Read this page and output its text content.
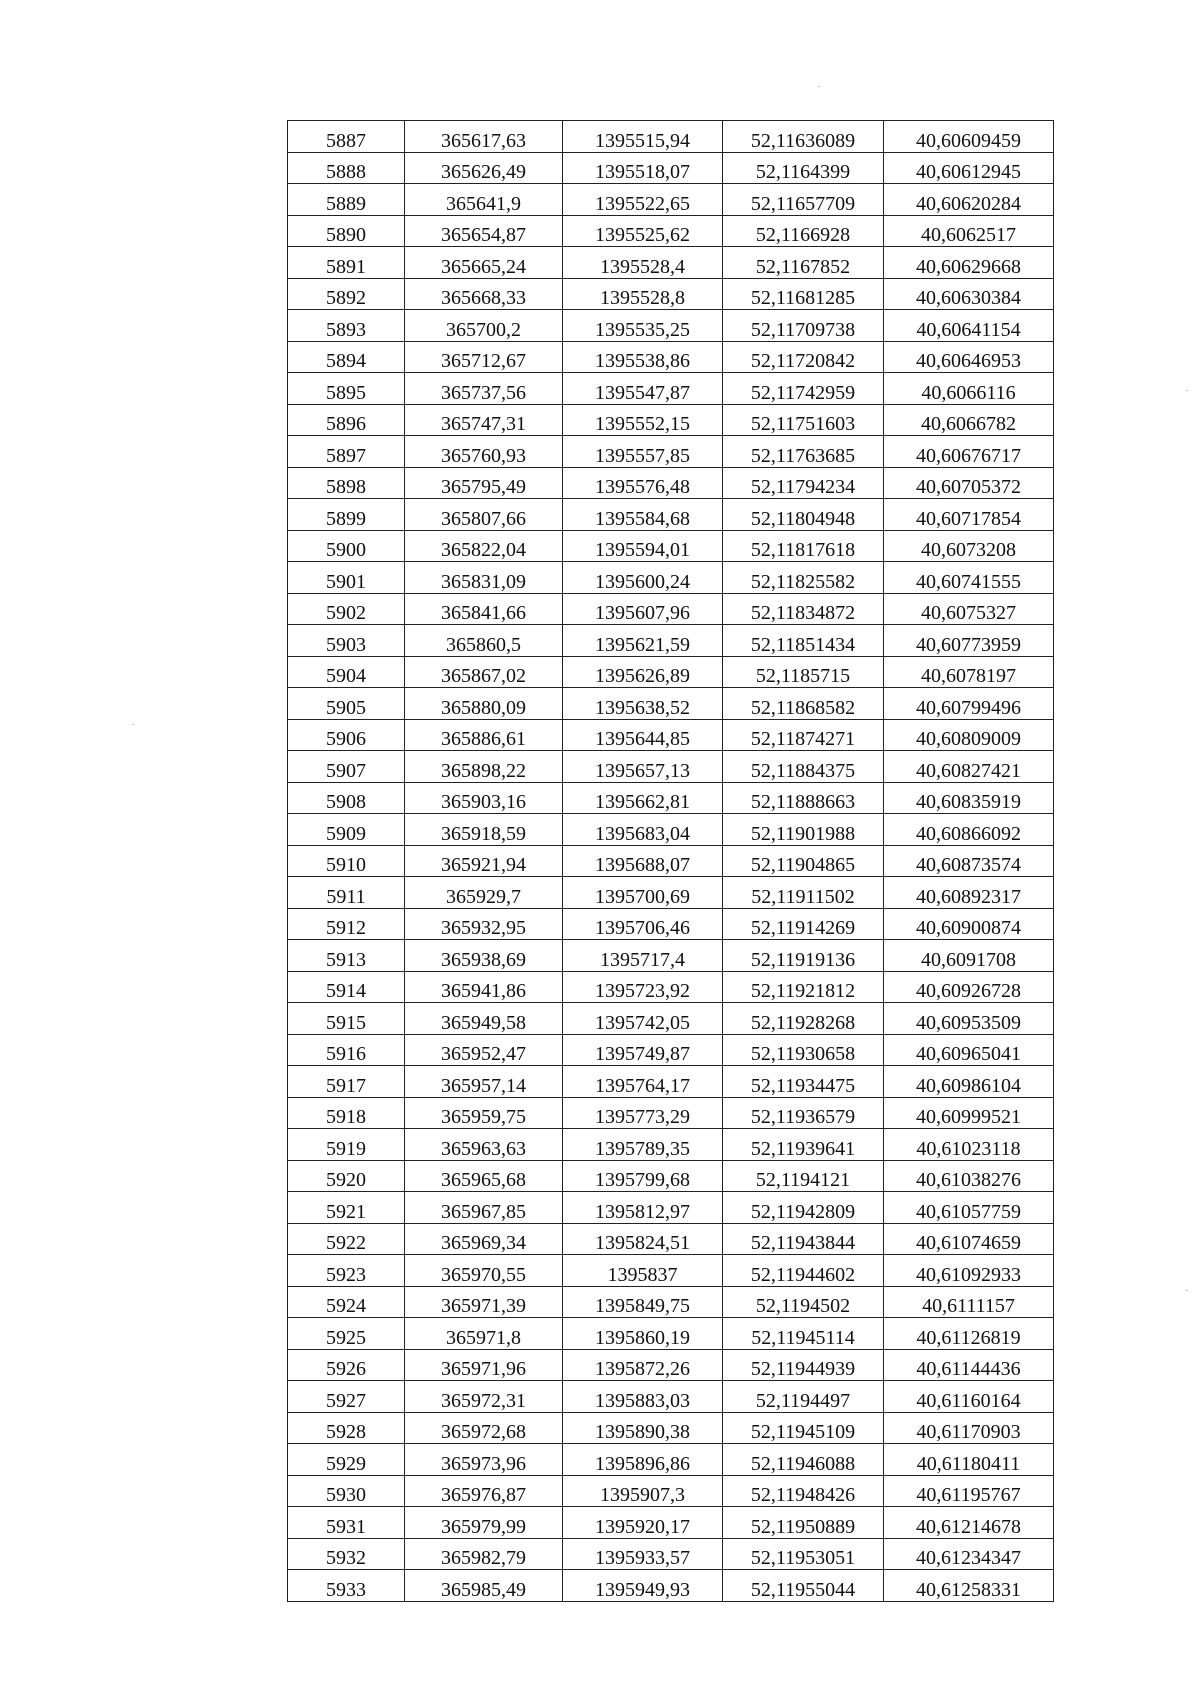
5887	365617,63	1395515,94	52,11636089	40,60609459
5888	365626,49	1395518,07	52,1164399	40,60612945
5889	365641,9	1395522,65	52,11657709	40,60620284
5890	365654,87	1395525,62	52,1166928	40,6062517
5891	365665,24	1395528,4	52,1167852	40,60629668
5892	365668,33	1395528,8	52,11681285	40,60630384
5893	365700,2	1395535,25	52,11709738	40,60641154
5894	365712,67	1395538,86	52,11720842	40,60646953
5895	365737,56	1395547,87	52,11742959	40,6066116
5896	365747,31	1395552,15	52,11751603	40,6066782
5897	365760,93	1395557,85	52,11763685	40,60676717
5898	365795,49	1395576,48	52,11794234	40,60705372
5899	365807,66	1395584,68	52,11804948	40,60717854
5900	365822,04	1395594,01	52,11817618	40,6073208
5901	365831,09	1395600,24	52,11825582	40,60741555
5902	365841,66	1395607,96	52,11834872	40,6075327
5903	365860,5	1395621,59	52,11851434	40,60773959
5904	365867,02	1395626,89	52,1185715	40,6078197
5905	365880,09	1395638,52	52,11868582	40,60799496
5906	365886,61	1395644,85	52,11874271	40,60809009
5907	365898,22	1395657,13	52,11884375	40,60827421
5908	365903,16	1395662,81	52,11888663	40,60835919
5909	365918,59	1395683,04	52,11901988	40,60866092
5910	365921,94	1395688,07	52,11904865	40,60873574
5911	365929,7	1395700,69	52,11911502	40,60892317
5912	365932,95	1395706,46	52,11914269	40,60900874
5913	365938,69	1395717,4	52,11919136	40,6091708
5914	365941,86	1395723,92	52,11921812	40,60926728
5915	365949,58	1395742,05	52,11928268	40,60953509
5916	365952,47	1395749,87	52,11930658	40,60965041
5917	365957,14	1395764,17	52,11934475	40,60986104
5918	365959,75	1395773,29	52,11936579	40,60999521
5919	365963,63	1395789,35	52,11939641	40,61023118
5920	365965,68	1395799,68	52,1194121	40,61038276
5921	365967,85	1395812,97	52,11942809	40,61057759
5922	365969,34	1395824,51	52,11943844	40,61074659
5923	365970,55	1395837	52,11944602	40,61092933
5924	365971,39	1395849,75	52,1194502	40,6111157
5925	365971,8	1395860,19	52,11945114	40,61126819
5926	365971,96	1395872,26	52,11944939	40,61144436
5927	365972,31	1395883,03	52,1194497	40,61160164
5928	365972,68	1395890,38	52,11945109	40,61170903
5929	365973,96	1395896,86	52,11946088	40,61180411
5930	365976,87	1395907,3	52,11948426	40,61195767
5931	365979,99	1395920,17	52,11950889	40,61214678
5932	365982,79	1395933,57	52,11953051	40,61234347
5933	365985,49	1395949,93	52,11955044	40,61258331
